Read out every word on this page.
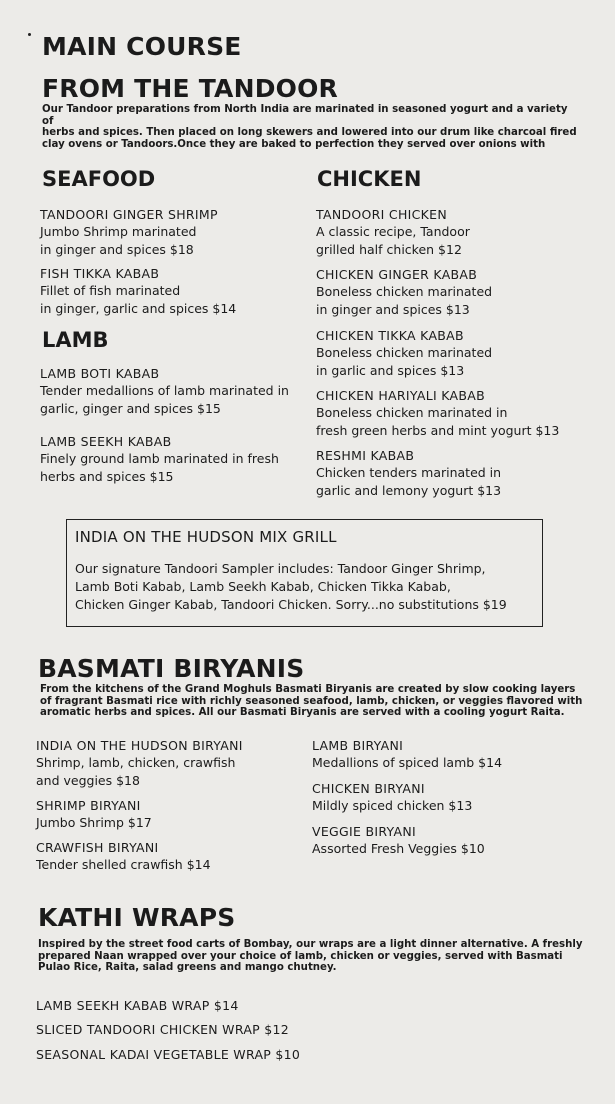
MAIN COURSE
FROM THE TANDOOR
Our Tandoor preparations from North India are marinated in seasoned yogurt and a variety of
herbs and spices. Then placed on long skewers and lowered into our drum like charcoal fired
clay ovens or Tandoors.Once they are baked to perfection they served over onions with
SEAFOOD
TANDOORI GINGER SHRIMP
Jumbo Shrimp marinated
in ginger and spices $18
FISH TIKKA KABAB
Fillet of fish marinated
in ginger, garlic and spices $14
LAMB
LAMB BOTI KABAB
Tender medallions of lamb marinated in
garlic, ginger and spices $15
LAMB SEEKH KABAB
Finely ground lamb marinated in fresh
herbs and spices $15
CHICKEN
TANDOORI CHICKEN
A classic recipe, Tandoor
grilled half chicken $12
CHICKEN GINGER KABAB
Boneless chicken marinated
in ginger and spices $13
CHICKEN TIKKA KABAB
Boneless chicken marinated
in garlic and spices $13
CHICKEN HARIYALI KABAB
Boneless chicken marinated in
fresh green herbs and mint yogurt $13
RESHMI KABAB
Chicken tenders marinated in
garlic and lemony yogurt $13
INDIA ON THE HUDSON MIX GRILL
Our signature Tandoori Sampler includes: Tandoor Ginger Shrimp,
Lamb Boti Kabab, Lamb Seekh Kabab, Chicken Tikka Kabab,
Chicken Ginger Kabab, Tandoori Chicken. Sorry...no substitutions $19
BASMATI BIRYANIS
From the kitchens of the Grand Moghuls Basmati Biryanis are created by slow cooking layers
of fragrant Basmati rice with richly seasoned seafood, lamb, chicken, or veggies flavored with
aromatic herbs and spices. All our Basmati Biryanis are served with a cooling yogurt Raita.
INDIA ON THE HUDSON BIRYANI
Shrimp, lamb, chicken, crawfish
and veggies $18
SHRIMP BIRYANI
Jumbo Shrimp $17
CRAWFISH BIRYANI
Tender shelled crawfish $14
LAMB BIRYANI
Medallions of spiced lamb $14
CHICKEN BIRYANI
Mildly spiced chicken $13
VEGGIE BIRYANI
Assorted Fresh Veggies $10
KATHI WRAPS
Inspired by the street food carts of Bombay, our wraps are a light dinner alternative. A freshly
prepared Naan wrapped over your choice of lamb, chicken or veggies, served with Basmati
Pulao Rice, Raita, salad greens and mango chutney.
LAMB SEEKH KABAB WRAP $14
SLICED TANDOORI CHICKEN WRAP $12
SEASONAL KADAI VEGETABLE WRAP $10
